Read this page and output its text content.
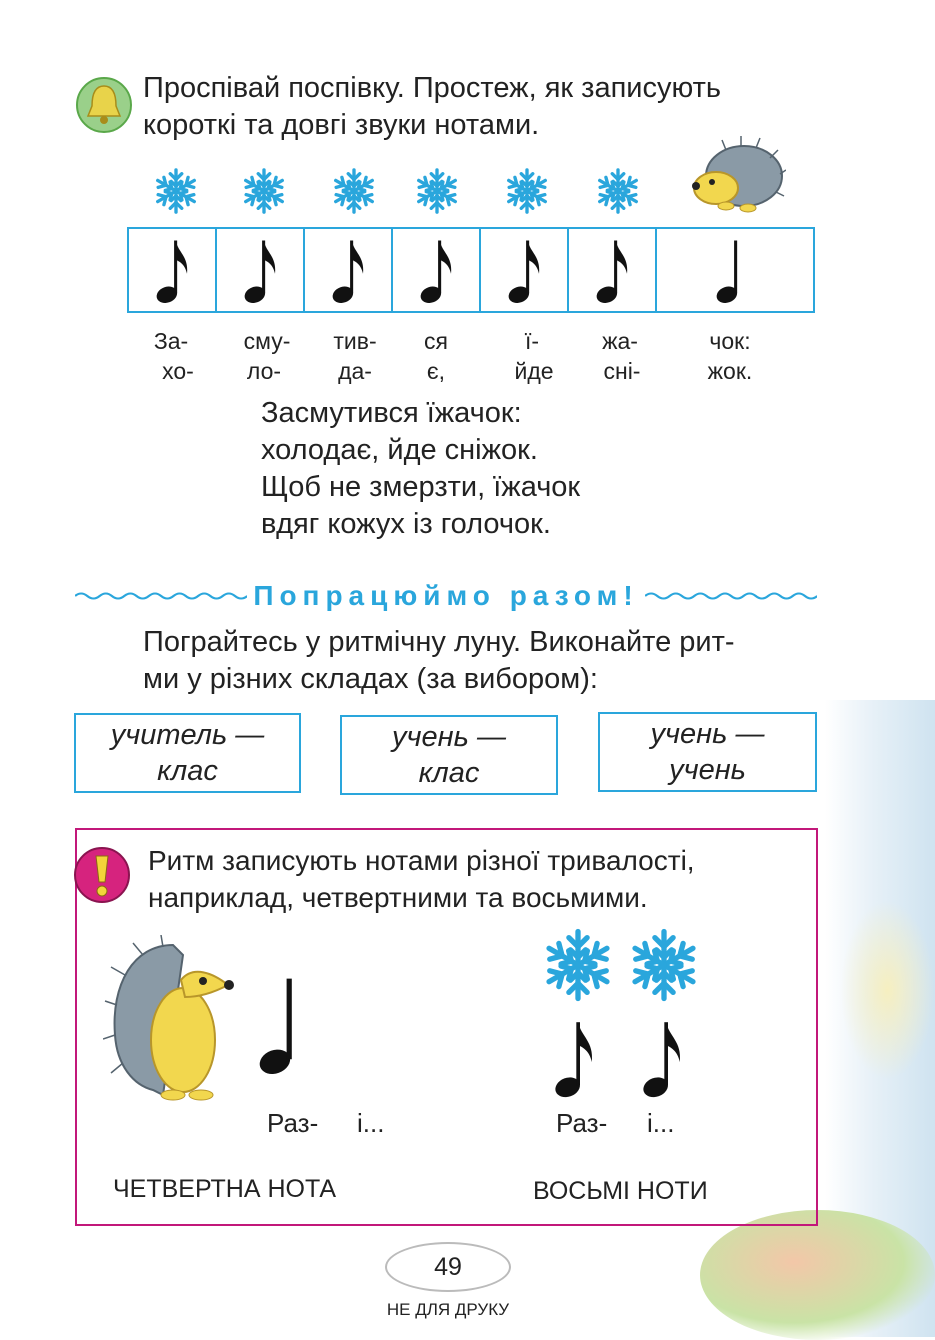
Проспівай поспівку. Простеж, як записують
короткі та довгі звуки нотами.
За-	сму-	тив-	ся	ї-	жа-	чок:
хо-	ло-	да-	є,	йде	сні-	жок.
Засмутився їжачок:
холодає, йде сніжок.
Щоб не змерзти, їжачок
вдяг кожух із голочок.
Попрацюймо разом!
Пограйтесь у ритмічну луну. Виконайте рит-
ми у різних складах (за вибором):
учитель —
клас
учень —
клас
учень —
учень
Ритм записують нотами різної тривалості,
наприклад, четвертними та восьмими.
Раз- і...
ЧЕТВЕРТНА НОТА
Раз- і...
ВОСЬМІ НОТИ
49
НЕ ДЛЯ ДРУКУ
